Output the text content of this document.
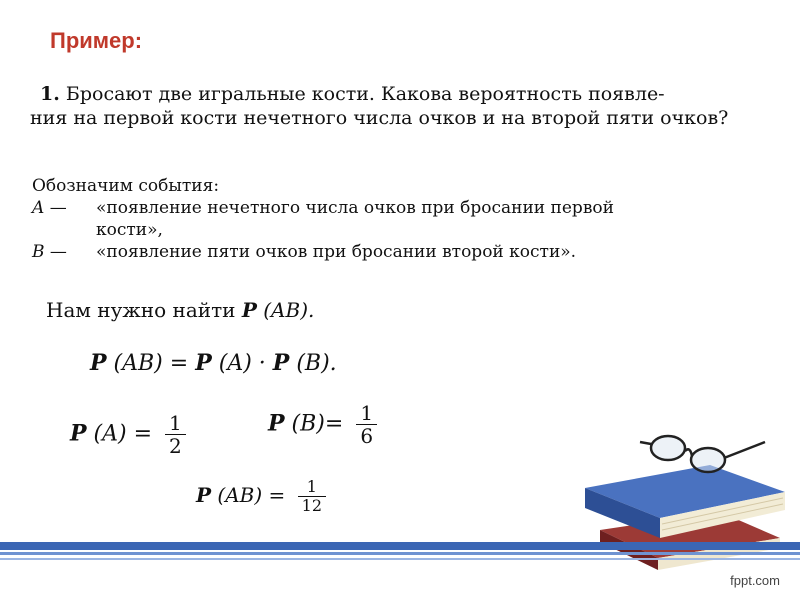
Пример:
1. Бросают две игральные кости. Какова вероятность появле-
ния на первой кости нечетного числа очков и на второй пяти очков?
Обозначим события:
A —	«появление нечетного числа очков при бросании первой
кости»,
B —	«появление пяти очков при бросании второй кости».
Нам нужно найти P (AB).
P (AB) = P (A) · P (B).
P $(A) = \frac{1}{2}$	P $(B)= \frac{1}{6}$
P $(AB) = \frac{1}{12}$
fppt.com
